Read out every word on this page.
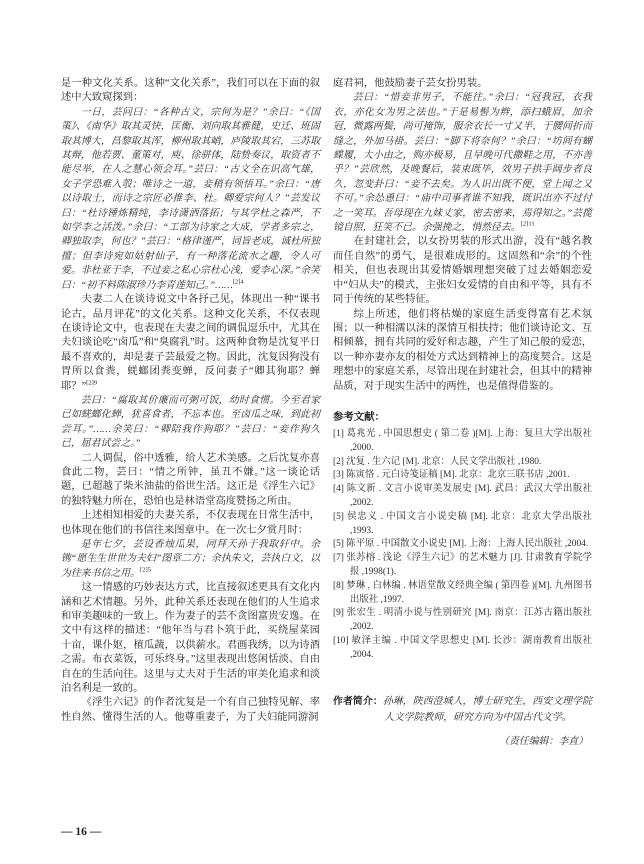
是一种文化关系。这种“文化关系”，我们可以在下面的叙述中大致窥探到：

一日，芸问曰：“各种古文，宗何为是？”余曰：“《国策》、《南华》取其灵快，匡衡、刘向取其雅健，史迁、班固取其博大，昌黎取其浑，柳州取其峭，庐陵取其宕，三苏取其辩，他若贾、董策对，庾、徐骈体，陆贽奏议，取资者不能尽举，在人之慧心领会耳。”芸曰：“古文全在识高气雄，女子学恐难入彀；唯诗之一道，妾稍有领悟耳。”余曰：“唐以诗取士，而诗之宗匠必推李、杜。卿爱宗何人？”芸发议曰：“杜诗锤炼精纯，李诗潇洒落拓；与其学杜之森严，不如学李之活泼。”余曰：“工部为诗家之大成，学者多宗之，卿独取李，何也？”芸曰：“格律谨严，词旨老成，诚杜所独擅；但李诗宛如姑射仙子，有一种落花流水之趣，令人可爱。非杜亚于李，不过妾之私心宗杜心浅，爱李心深。”余笑曰：“初不料陈淑珍乃李青莲知己。”……$^{[2]4}$

夫妻二人在谈诗说文中各抒己见，体现出一种“课书论古，品月评花”的文化关系。这种文化关系，不仅表现在谈诗论文中，也表现在夫妻之间的调侃逗乐中，尤其在夫妇谈论吃“卤瓜”和“臭腐乳”时。这两种食物是沈复平日最不喜欢的，却是妻子芸最爱之物。因此，沈复因狗没有胃所以食粪，蜣螂团粪变蝉，反问妻子“卿其狗耶？蝉耶？”$^{[2]9}$

芸曰：“腐取其价廉而可粥可饭，幼时食惯。今至君家已如蜣螂化蝉，犹喜食者，不忘本也。至卤瓜之味，到此初尝耳。”……余笑曰：“卿陪我作狗耶？”芸曰：“妾作狗久已，屈君试尝之。”

二人调侃，俗中透雅，给人艺术美感。之后沈复亦喜食此二物，芸曰：“情之所钟，虽丑不嫌。”这一谈论话题，已超越了柴米油盐的俗世生活。这正是《浮生六记》的独特魅力所在，恐怕也是林语堂高度赞扬之所由。

上述相知相爱的夫妻关系，不仅表现在日常生活中，也体现在他们的书信往来图章中。在一次七夕赏月时：

是年七夕，芸设香烛瓜果，同拜天孙于我取轩中。余镌“愿生生世世为夫妇”图章二方；余执朱文，芸执白文，以为往来书信之用。$^{[2]5}$

这一情感的巧妙表达方式，比直接叙述更具有文化内涵和艺术情趣。另外，此种关系还表现在他们的人生追求和审美趣味的一致上。作为妻子的芸不贪图富贵安逸。在文中有这样的描述：“他年当与君卜筑于此，买绕屋菜园十亩，课仆妪，植瓜蔬，以供薪水。君画我绣，以为诗酒之需。布衣菜饭，可乐终身。”这里表现出悠闲恬淡、自由自在的生活向往。这里与丈夫对于生活的审美化追求和淡泊名利是一致的。

《浮生六记》的作者沈复是一个有自己独特见解、率性自然、懂得生活的人。他尊重妻子，为了夫妇能同游洞

庭君祠，他鼓励妻子芸女扮男装。

芸曰：“惜妾非男子，不能往。”余曰：“冠我冠，衣我衣，亦化女为男之法也。”于是易髻为辫，添扫蛾眉，加余冠，微露两鬓，尚可掩饰，服余衣长一寸又半，于腰间折而缝之，外加马褂。芸曰：“脚下将奈何？”余曰：“坊间有蝴蝶履，大小由之，购亦极易，且早晚可代撒鞋之用，不亦善乎？”芸欣然，及晚餐后，装束既毕，效男子拱手阔步者良久，忽变卦曰：“妾不去矣。为人识出既不便，堂上闻之又不可。”余怂恿曰：“庙中司事者谁不知我，既识出亦不过付之一笑耳。吾母现在九妹丈家，密去密来，焉得知之。”芸揽镜自照，狂笑不已。余强挽之，悄然径去。$^{[2]11}$

在封建社会，以女扮男装的形式出游，没有“越名教而任自然”的勇气，是很难成形的。这固然和“余”的个性相关，但也表现出其爱情婚姻理想突破了过去婚姻恋爱中“妇从夫”的模式，主张妇女爱情的自由和平等，具有不同于传统的某些特征。

综上所述，他们将枯燥的家庭生活变得富有艺术氛围；以一种相濡以沫的深情互相扶持；他们谈诗论文、互相倾慕，拥有共同的爱好和志趣，产生了知己般的爱恋，以一种亦妻亦友的相处方式达到精神上的高度契合。这是理想中的家庭关系，尽管出现在封建社会，但其中的精神品质，对于现实生活中的两性，也是值得借鉴的。

参考文献：

[1] 葛兆光 . 中国思想史 ( 第二卷 )[M]. 上海：复旦大学出版社 ,2000.

[2] 沈复 . 生六记 [M]. 北京：人民文学出版社 ,1980.

[3] 陈寅恪 . 元白诗笺证稿 [M]. 北京：北京三联书店 ,2001.

[4] 陈文新 . 文言小说审美发展史 [M]. 武昌：武汉大学出版社 ,2002.

[5] 侯忠义 . 中国文言小说史稿 [M]. 北京：北京大学出版社 ,1993.

[5] 陈平原 . 中国散文小说史 [M]. 上海：上海人民出版社 ,2004.

[7] 张苏榕 . 浅论《浮生六记》的艺术魅力 [J]. 甘肃教育学院学报 ,1998(1).

[8] 梦琳 , 白林编 . 林语堂散文经典全编 ( 第四卷 )[M]. 九州图书出版社 ,1997.

[9] 张宏生 . 明清小说与性别研究 [M]. 南京：江苏古籍出版社 ,2002.

[10] 敏泽主编 . 中国文学思想史 [M]. 长沙：湖南教育出版社 ,2004.

作者简介：孙琳，陕西澄城人，博士研究生，西安文理学院人文学院教师，研究方向为中国古代文学。

（责任编辑：李直）

— 16 —
